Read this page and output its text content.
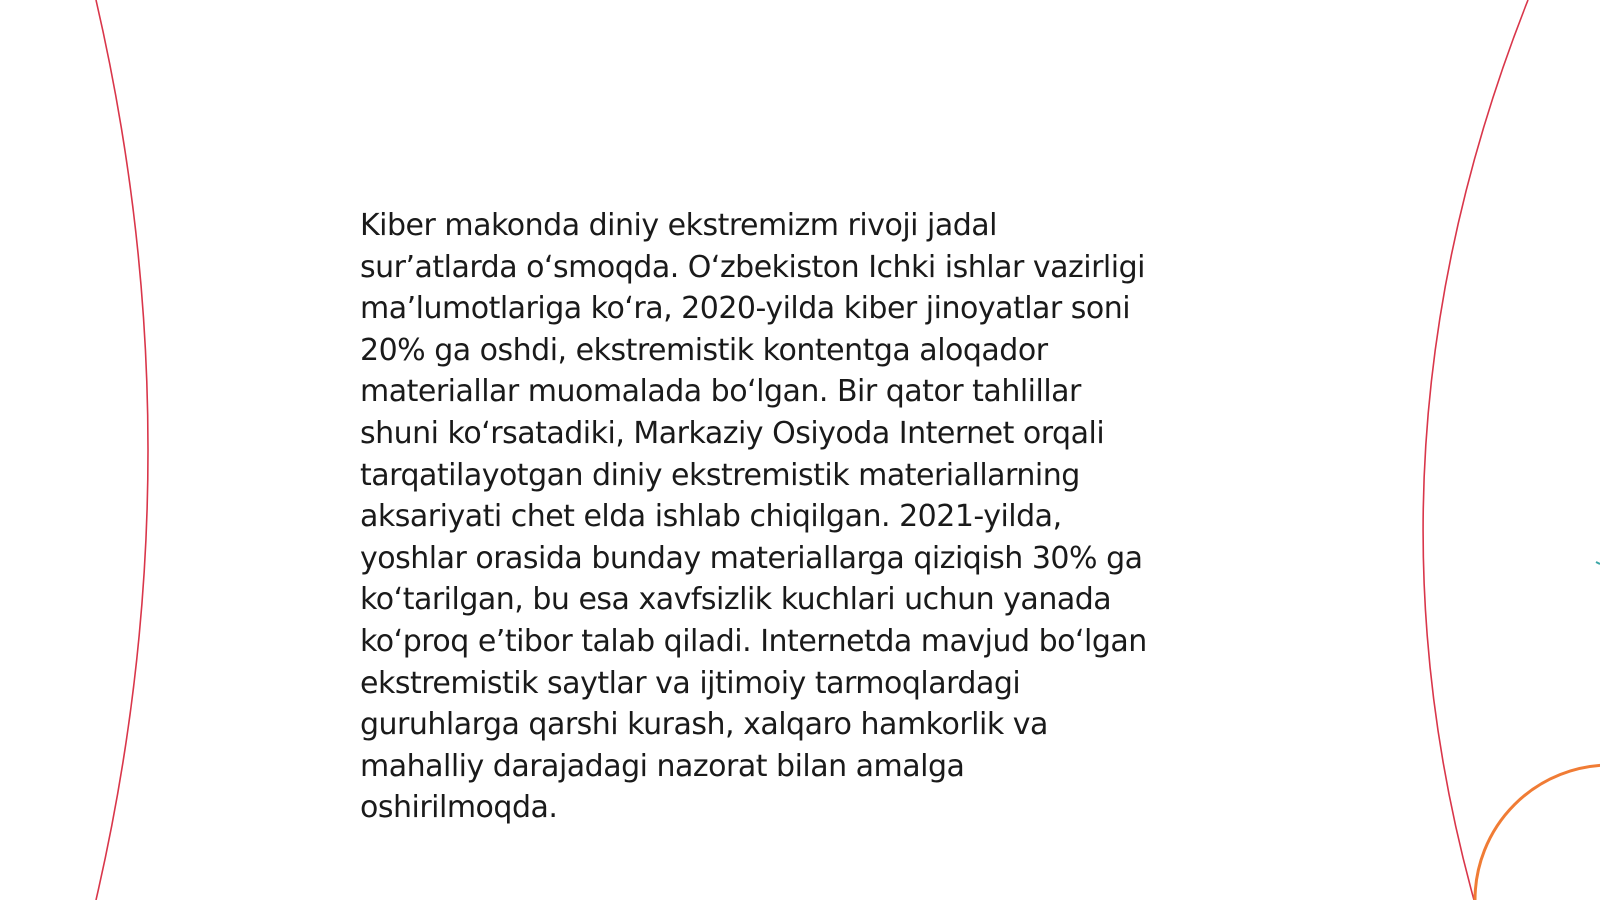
Kiber makonda diniy ekstremizm rivoji jadal
sur’atlarda o‘smoqda. O‘zbekiston Ichki ishlar vazirligi
ma’lumotlariga ko‘ra, 2020-yilda kiber jinoyatlar soni
20% ga oshdi, ekstremistik kontentga aloqador
materiallar muomalada bo‘lgan. Bir qator tahlillar
shuni ko‘rsatadiki, Markaziy Osiyoda Internet orqali
tarqatilayotgan diniy ekstremistik materiallarning
aksariyati chet elda ishlab chiqilgan. 2021-yilda,
yoshlar orasida bunday materiallarga qiziqish 30% ga
ko‘tarilgan, bu esa xavfsizlik kuchlari uchun yanada
ko‘proq e’tibor talab qiladi. Internetda mavjud bo‘lgan
ekstremistik saytlar va ijtimoiy tarmoqlardagi
guruhlarga qarshi kurash, xalqaro hamkorlik va
mahalliy darajadagi nazorat bilan amalga
oshirilmoqda.
